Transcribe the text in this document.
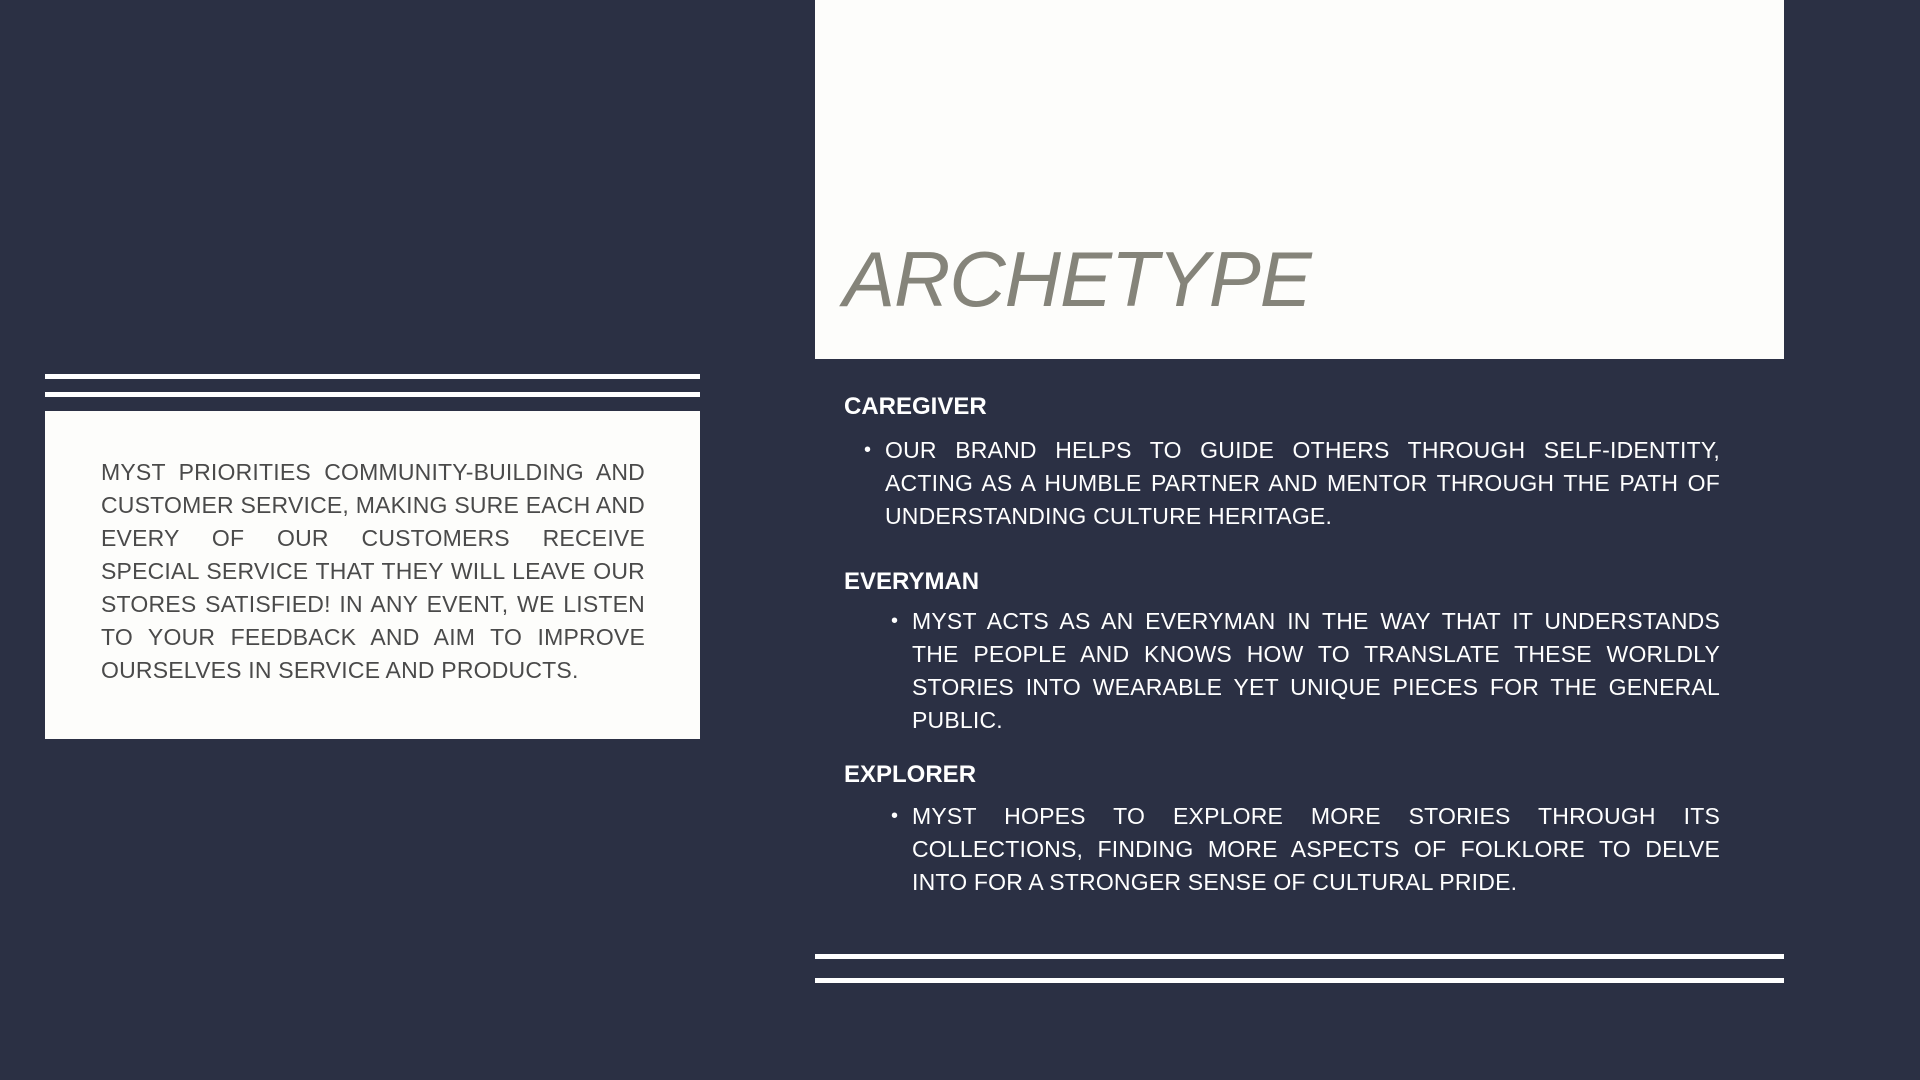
MYST PRIORITIES COMMUNITY-BUILDING AND CUSTOMER SERVICE, MAKING SURE EACH AND EVERY OF OUR CUSTOMERS RECEIVE SPECIAL SERVICE THAT THEY WILL LEAVE OUR STORES SATISFIED! IN ANY EVENT, WE LISTEN TO YOUR FEEDBACK AND AIM TO IMPROVE OURSELVES IN SERVICE AND PRODUCTS.

ARCHETYPE
CAREGIVER

• OUR BRAND HELPS TO GUIDE OTHERS THROUGH SELF-IDENTITY, ACTING AS A HUMBLE PARTNER AND MENTOR THROUGH THE PATH OF UNDERSTANDING CULTURE HERITAGE.

EVERYMAN

• MYST ACTS AS AN EVERYMAN IN THE WAY THAT IT UNDERSTANDS THE PEOPLE AND KNOWS HOW TO TRANSLATE THESE WORLDLY STORIES INTO WEARABLE YET UNIQUE PIECES FOR THE GENERAL PUBLIC.

EXPLORER

• MYST HOPES TO EXPLORE MORE STORIES THROUGH ITS COLLECTIONS, FINDING MORE ASPECTS OF FOLKLORE TO DELVE INTO FOR A STRONGER SENSE OF CULTURAL PRIDE.
